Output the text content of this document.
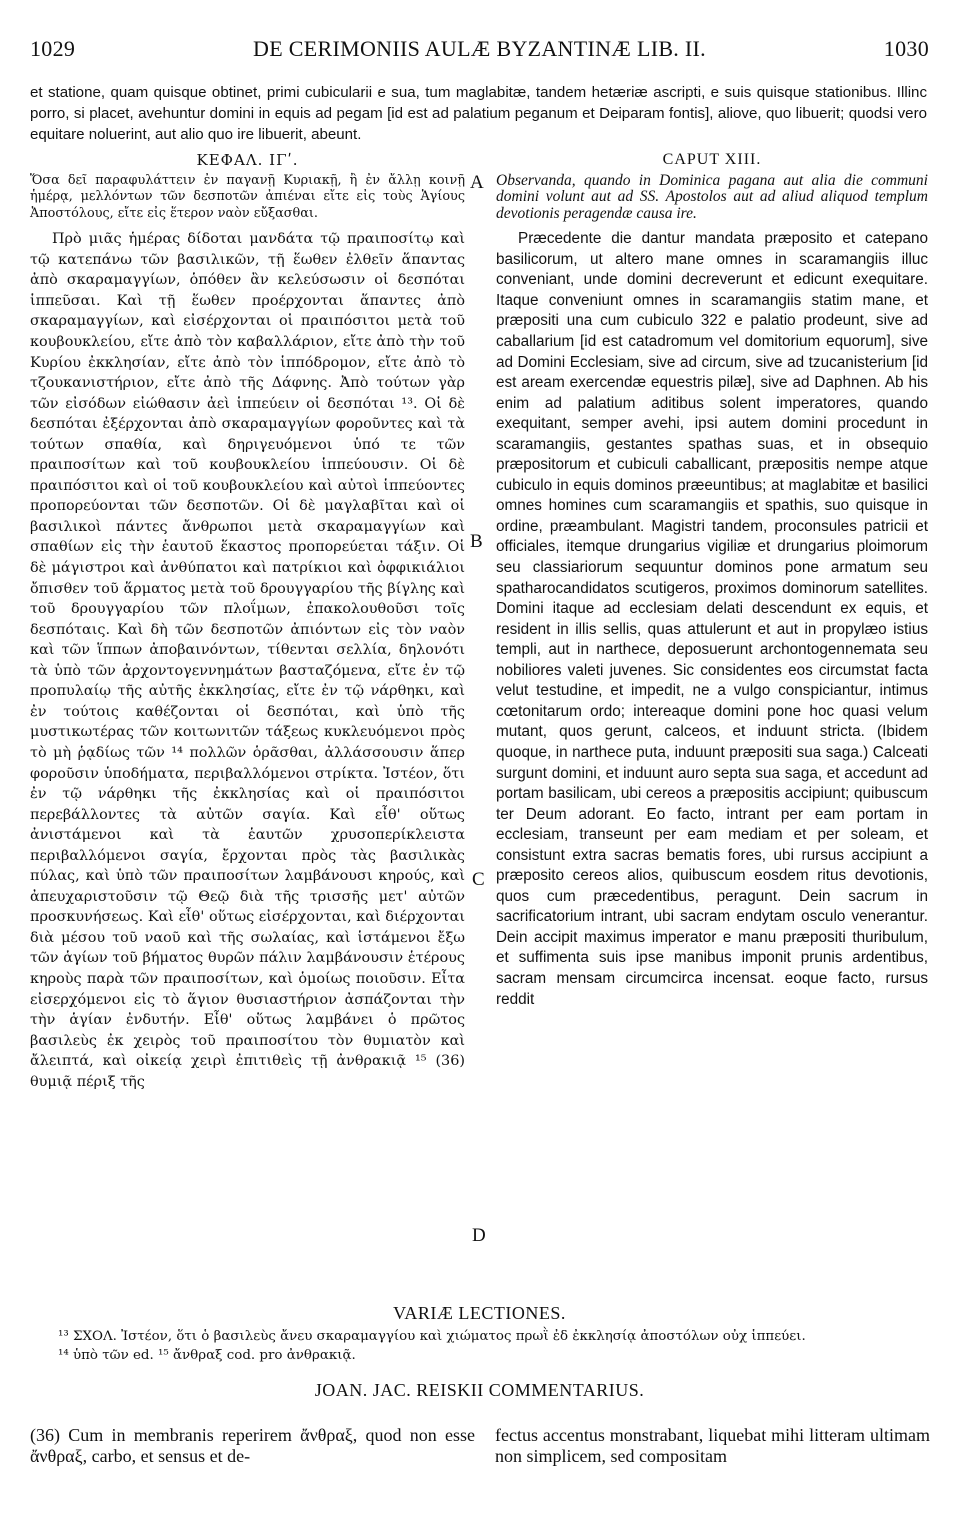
1029	DE CERIMONIIS AULÆ BYZANTINÆ LIB. II.	1030

et statione, quam quisque obtinet, primi cubicularii e sua, tum maglabitæ, tandem hetæriæ ascripti, e suis quisque stationibus. Illinc porro, si placet, avehuntur domini in equis ad pegam [id est ad palatium peganum et Deiparam fontis], aliove, quo libuerit; quodsi vero equitare noluerint, aut alio quo ire libuerit, abeunt.

ΚΕΦΑΛ. ΙΓʹ.

Ὅσα δεῖ παραφυλάττειν ἐν παγανῇ Κυριακῇ, ἢ ἐν ἄλλῃ κοινῇ ἡμέρᾳ, μελλόντων τῶν δεσποτῶν ἀπιέναι εἴτε εἰς τοὺς Ἁγίους Ἀποστόλους, εἴτε εἰς ἕτερον ναὸν εὔξασθαι.

Πρὸ μιᾶς ἡμέρας δίδοται μανδάτα τῷ πραιποσίτῳ καὶ τῷ κατεπάνω τῶν βασιλικῶν, τῇ ἕωθεν ἐλθεῖν ἅπαντας ἀπὸ σκαραμαγγίων, ὁπόθεν ἂν κελεύσωσιν οἱ δεσπόται ἱππεῦσαι. Καὶ τῇ ἕωθεν προέρχονται ἅπαντες ἀπὸ σκαραμαγγίων, καὶ εἰσέρχονται οἱ πραιπόσιτοι μετὰ τοῦ κουβουκλείου, εἴτε ἀπὸ τὸν καβαλλάριον, εἴτε ἀπὸ τὴν τοῦ Κυρίου ἐκκλησίαν, εἴτε ἀπὸ τὸν ἱππόδρομον, εἴτε ἀπὸ τὸ τζουκανιστήριον, εἴτε ἀπὸ τῆς Δάφνης. Ἀπὸ τούτων γὰρ τῶν εἰσόδων εἰώθασιν ἀεὶ ἱππεύειν οἱ δεσπόται ¹³. Οἱ δὲ δεσπόται ἐξέρχονται ἀπὸ σκαραμαγγίων φοροῦντες καὶ τὰ τούτων σπαθία, καὶ δηριγευόμενοι ὑπό τε τῶν πραιποσίτων καὶ τοῦ κουβουκλείου ἱππεύουσιν. Οἱ δὲ πραιπόσιτοι καὶ οἱ τοῦ κουβουκλείου καὶ αὐτοὶ ἱππεύοντες προπορεύονται τῶν δεσποτῶν. Οἱ δὲ μαγλαβῖται καὶ οἱ βασιλικοὶ πάντες ἄνθρωποι μετὰ σκαραμαγγίων καὶ σπαθίων εἰς τὴν ἑαυτοῦ ἕκαστος προπορεύεται τάξιν. Οἱ δὲ μάγιστροι καὶ ἀνθύπατοι καὶ πατρίκιοι καὶ ὀφφικιάλιοι ὄπισθεν τοῦ ἅρματος μετὰ τοῦ δρουγγαρίου τῆς βίγλης καὶ τοῦ δρουγγαρίου τῶν πλοΐμων, ἐπακολουθοῦσι τοῖς δεσπόταις. Καὶ δὴ τῶν δεσποτῶν ἀπιόντων εἰς τὸν ναὸν καὶ τῶν ἵππων ἀποβαινόντων, τίθενται σελλία, δηλονότι τὰ ὑπὸ τῶν ἀρχοντογεννημάτων βασταζόμενα, εἴτε ἐν τῷ προπυλαίῳ τῆς αὐτῆς ἐκκλησίας, εἴτε ἐν τῷ νάρθηκι, καὶ ἐν τούτοις καθέζονται οἱ δεσπόται, καὶ ὑπὸ τῆς μυστικωτέρας τῶν κοιτωνιτῶν τάξεως κυκλευόμενοι πρὸς τὸ μὴ ῥᾳδίως τῶν ¹⁴ πολλῶν ὁρᾶσθαι, ἀλλάσσουσιν ἅπερ φοροῦσιν ὑποδήματα, περιβαλλόμενοι στρίκτα. Ἰστέον, ὅτι ἐν τῷ νάρθηκι τῆς ἐκκλησίας καὶ οἱ πραιπόσιτοι περεβάλλοντες τὰ αὐτῶν σαγία. Καὶ εἶθ' οὕτως ἀνιστάμενοι καὶ τὰ ἑαυτῶν χρυσοπερίκλειστα περιβαλλόμενοι σαγία, ἔρχονται πρὸς τὰς βασιλικὰς πύλας, καὶ ὑπὸ τῶν πραιποσίτων λαμβάνουσι κηρούς, καὶ ἀπευχαριστοῦσιν τῷ Θεῷ διὰ τῆς τρισσῆς μετ' αὐτῶν προσκυνήσεως. Καὶ εἶθ' οὕτως εἰσέρχονται, καὶ διέρχονται διὰ μέσου τοῦ ναοῦ καὶ τῆς σωλαίας, καὶ ἱστάμενοι ἔξω τῶν ἁγίων τοῦ βήματος θυρῶν πάλιν λαμβάνουσιν ἑτέρους κηροὺς παρὰ τῶν πραιποσίτων, καὶ ὁμοίως ποιοῦσιν. Εἶτα εἰσερχόμενοι εἰς τὸ ἅγιον θυσιαστήριον ἀσπάζονται τὴν τὴν ἁγίαν ἐνδυτήν. Εἶθ' οὕτως λαμβάνει ὁ πρῶτος βασιλεὺς ἐκ χειρὸς τοῦ πραιποσίτου τὸν θυμιατὸν καὶ ἄλειπτά, καὶ οἰκείᾳ χειρὶ ἐπιτιθεὶς τῇ ἀνθρακιᾷ ¹⁵ (36) θυμιᾷ πέριξ τῆς

A
B
C
D
CAPUT XIII.

Observanda, quando in Dominica pagana aut alia die communi domini volunt aut ad SS. Apostolos aut ad aliud aliquod templum devotionis peragendæ causa ire.

Præcedente die dantur mandata præposito et catepano basilicorum, ut altero mane omnes in scaramangiis illuc conveniant, unde domini decreverunt et edicunt exequitare. Itaque conveniunt omnes in scaramangiis statim mane, et præpositi una cum cubiculo 322 e palatio prodeunt, sive ad caballarium [id est catadromum vel domitorium equorum], sive ad Domini Ecclesiam, sive ad circum, sive ad tzucanisterium [id est aream exercendæ equestris pilæ], sive ad Daphnen. Ab his enim ad palatium aditibus solent imperatores, quando exequitant, semper avehi, ipsi autem domini procedunt in scaramangiis, gestantes spathas suas, et in obsequio præpositorum et cubiculi caballicant, præpositis nempe atque cubiculo in equis dominos præeuntibus; at maglabitæ et basilici omnes homines cum scaramangiis et spathis, suo quisque in ordine, præambulant. Magistri tandem, proconsules patricii et officiales, itemque drungarius vigiliæ et drungarius ploimorum seu classiariorum sequuntur dominos pone armatum seu spatharocandidatos scutigeros, proximos dominorum satellites. Domini itaque ad ecclesiam delati descendunt ex equis, et resident in illis sellis, quas attulerunt et aut in propylæo istius templi, aut in narthece, deposuerunt archontogennemata seu nobiliores valeti juvenes. Sic considentes eos circumstat facta velut testudine, et impedit, ne a vulgo conspiciantur, intimus cœtonitarum ordo; intereaque domini pone hoc quasi velum mutant, quos gerunt, calceos, et induunt stricta. (Ibidem quoque, in narthece puta, induunt præpositi sua saga.) Calceati surgunt domini, et induunt auro septa sua saga, et accedunt ad portam basilicam, ubi cereos a præpositis accipiunt; quibuscum ter Deum adorant. Eo facto, intrant per eam portam in ecclesiam, transeunt per eam mediam et per soleam, et consistunt extra sacras bematis fores, ubi rursus accipiunt a præposito cereos alios, quibuscum eosdem ritus devotionis, quos cum præcedentibus, peragunt. Dein sacrum in sacrificatorium intrant, ubi sacram endytam osculo venerantur. Dein accipit maximus imperator e manu præpositi thuribulum, et suffimenta suis ipse manibus imponit prunis ardentibus, sacram mensam circumcirca incensat. eoque facto, rursus reddit

VARIÆ LECTIONES.

¹³ ΣΧΟΛ. Ἰστέον, ὅτι ὁ βασιλεὺς ἄνευ σκαραμαγγίου καὶ χιώματος πρωῒ ἐδ ἐκκλησίᾳ ἀποστόλων οὐχ ἱππεύει.

¹⁴ ὑπὸ τῶν ed. ¹⁵ ἄνθραξ cod. pro ἀνθρακιᾷ.

JOAN. JAC. REISKII COMMENTARIUS.

(36) Cum in membranis reperirem ἄνθραξ, quod non esse ἄνθραξ, carbo, et sensus et de-

fectus accentus monstrabant, liquebat mihi litteram ultimam non simplicem, sed compositam
